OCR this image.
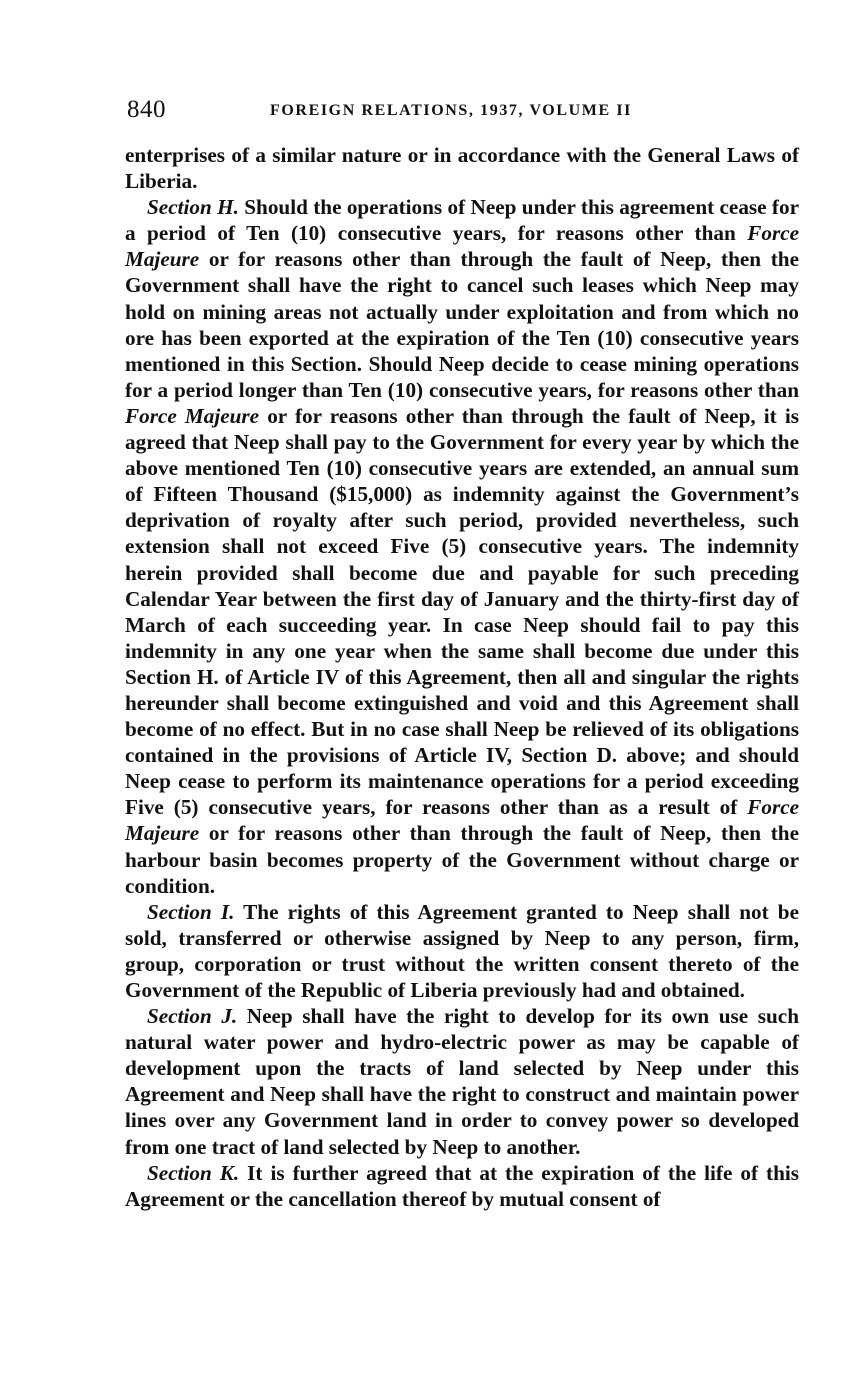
840	FOREIGN RELATIONS, 1937, VOLUME II

enterprises of a similar nature or in accordance with the General Laws of Liberia.

Section H. Should the operations of Neep under this agreement cease for a period of Ten (10) consecutive years, for reasons other than Force Majeure or for reasons other than through the fault of Neep, then the Government shall have the right to cancel such leases which Neep may hold on mining areas not actually under exploitation and from which no ore has been exported at the expiration of the Ten (10) consecutive years mentioned in this Section. Should Neep decide to cease mining operations for a period longer than Ten (10) consecutive years, for reasons other than Force Majeure or for reasons other than through the fault of Neep, it is agreed that Neep shall pay to the Government for every year by which the above mentioned Ten (10) consecutive years are extended, an annual sum of Fifteen Thousand ($15,000) as indemnity against the Government’s deprivation of royalty after such period, provided nevertheless, such extension shall not exceed Five (5) consecutive years. The indemnity herein provided shall become due and payable for such preceding Calendar Year between the first day of January and the thirty-first day of March of each succeeding year. In case Neep should fail to pay this indemnity in any one year when the same shall become due under this Section H. of Article IV of this Agreement, then all and singular the rights hereunder shall become extinguished and void and this Agreement shall become of no effect. But in no case shall Neep be relieved of its obligations contained in the provisions of Article IV, Section D. above; and should Neep cease to perform its maintenance operations for a period exceeding Five (5) consecutive years, for reasons other than as a result of Force Majeure or for reasons other than through the fault of Neep, then the harbour basin becomes property of the Government without charge or condition.

Section I. The rights of this Agreement granted to Neep shall not be sold, transferred or otherwise assigned by Neep to any person, firm, group, corporation or trust without the written consent thereto of the Government of the Republic of Liberia previously had and obtained.

Section J. Neep shall have the right to develop for its own use such natural water power and hydro-electric power as may be capable of development upon the tracts of land selected by Neep under this Agreement and Neep shall have the right to construct and maintain power lines over any Government land in order to convey power so developed from one tract of land selected by Neep to another.

Section K. It is further agreed that at the expiration of the life of this Agreement or the cancellation thereof by mutual consent of
